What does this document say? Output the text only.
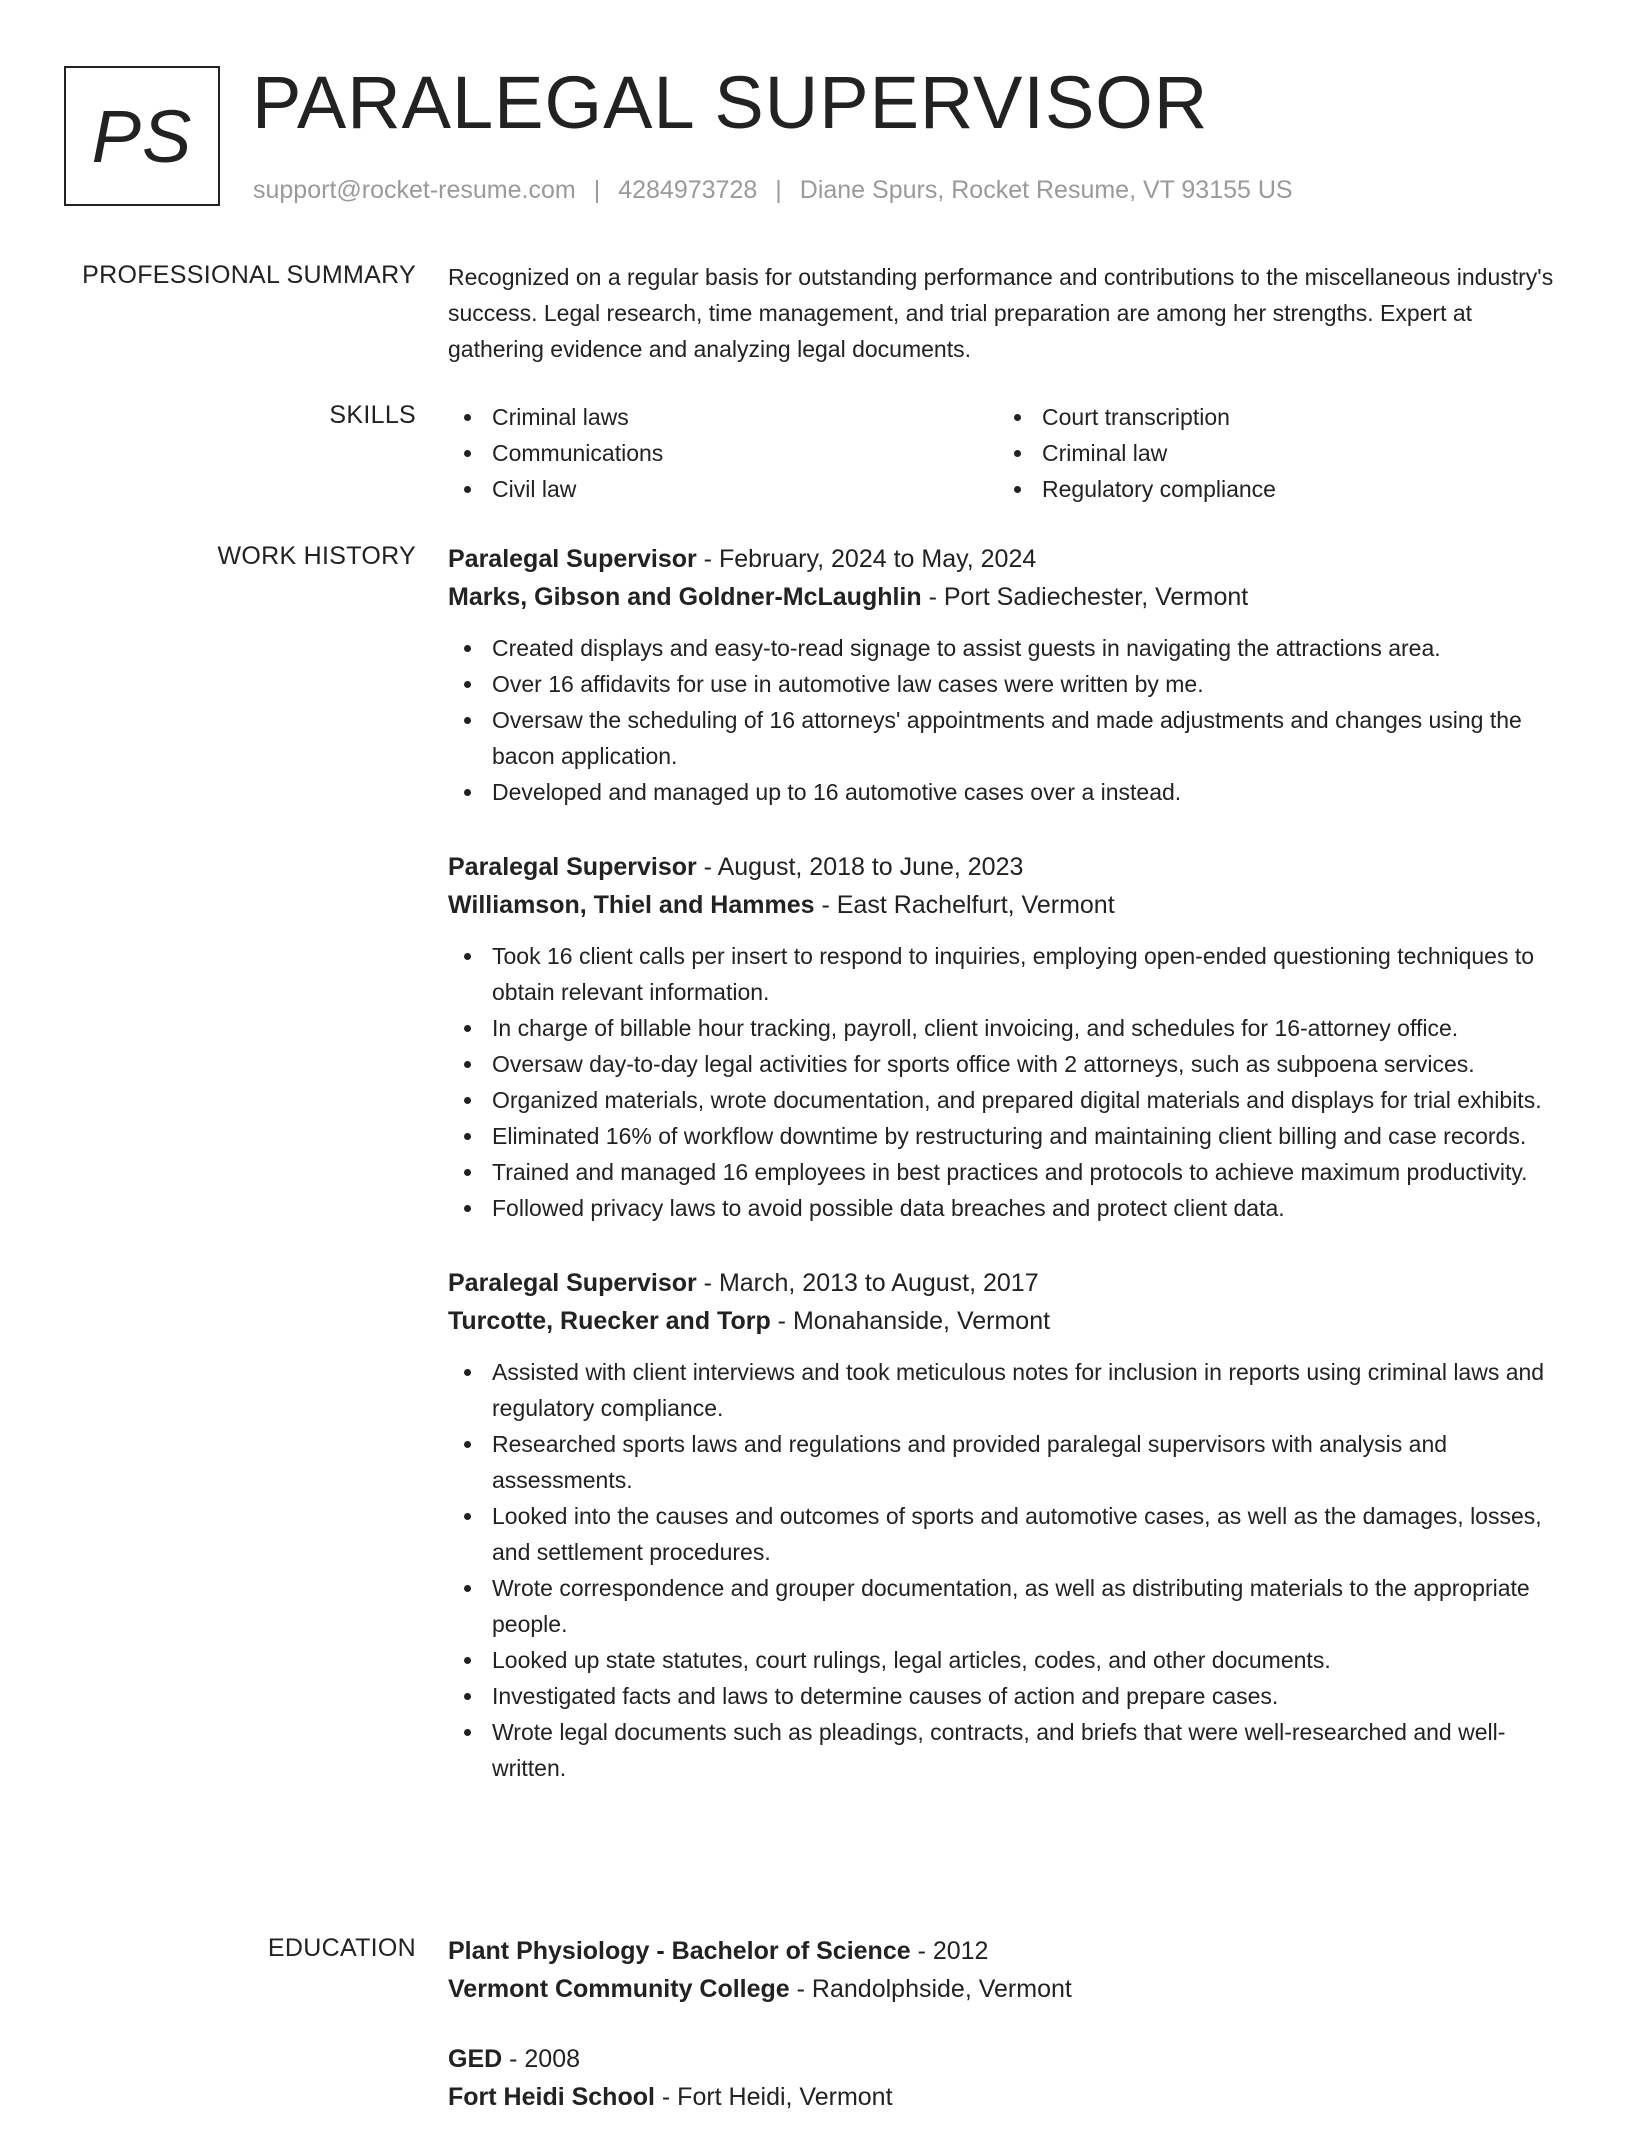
PS PARALEGAL SUPERVISOR
support@rocket-resume.com | 4284973728 | Diane Spurs, Rocket Resume, VT 93155 US
PROFESSIONAL SUMMARY Recognized on a regular basis for outstanding performance and contributions to the miscellaneous industry's success. Legal research, time management, and trial preparation are among her strengths. Expert at gathering evidence and analyzing legal documents.

SKILLS	Criminal laws
Communications
Civil law
Court transcription
Criminal law
Regulatory compliance
WORK HISTORY Paralegal Supervisor - February, 2024 to May, 2024
Marks, Gibson and Goldner-McLaughlin - Port Sadiechester, Vermont
Created displays and easy-to-read signage to assist guests in navigating the attractions area.
Over 16 affidavits for use in automotive law cases were written by me.
Oversaw the scheduling of 16 attorneys' appointments and made adjustments and changes using the bacon application.
Developed and managed up to 16 automotive cases over a instead.
Paralegal Supervisor - August, 2018 to June, 2023
Williamson, Thiel and Hammes - East Rachelfurt, Vermont
Took 16 client calls per insert to respond to inquiries, employing open-ended questioning techniques to obtain relevant information.
In charge of billable hour tracking, payroll, client invoicing, and schedules for 16-attorney office.
Oversaw day-to-day legal activities for sports office with 2 attorneys, such as subpoena services.
Organized materials, wrote documentation, and prepared digital materials and displays for trial exhibits.
Eliminated 16% of workflow downtime by restructuring and maintaining client billing and case records.
Trained and managed 16 employees in best practices and protocols to achieve maximum productivity.
Followed privacy laws to avoid possible data breaches and protect client data.
Paralegal Supervisor - March, 2013 to August, 2017
Turcotte, Ruecker and Torp - Monahanside, Vermont
Assisted with client interviews and took meticulous notes for inclusion in reports using criminal laws and regulatory compliance.
Researched sports laws and regulations and provided paralegal supervisors with analysis and assessments.
Looked into the causes and outcomes of sports and automotive cases, as well as the damages, losses, and settlement procedures.
Wrote correspondence and grouper documentation, as well as distributing materials to the appropriate people.
Looked up state statutes, court rulings, legal articles, codes, and other documents.
Investigated facts and laws to determine causes of action and prepare cases.
Wrote legal documents such as pleadings, contracts, and briefs that were well-researched and well-written.
EDUCATION Plant Physiology - Bachelor of Science - 2012
Vermont Community College - Randolphside, Vermont
GED - 2008
Fort Heidi School - Fort Heidi, Vermont
